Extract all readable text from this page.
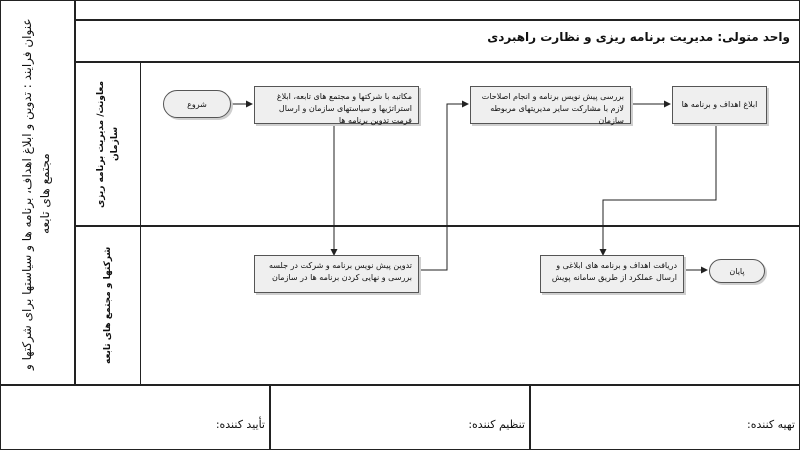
عنوان فرایند : تدوین و ابلاغ اهداف، برنامه ها و سیاستها برای شرکتها و مجتمع های تابعه
واحد متولی: مدیریت برنامه ریزی و نظارت راهبردی
معاونت/ مدیریت برنامه ریزی سازمان
شرکتها و مجتمع های تابعه
شروع
مکاتبه با شرکتها و مجتمع های تابعه، ابلاغ استراتژیها و سیاستهای سازمان و ارسال فرمت تدوین برنامه ها
تدوین پیش نویس برنامه و شرکت در جلسه بررسی و نهایی کردن برنامه ها در سازمان
بررسی پیش نویس برنامه و انجام اصلاحات لازم با مشارکت سایر مدیریتهای مربوطه سازمان
ابلاغ اهداف و برنامه ها
دریافت اهداف و برنامه های ابلاغی و ارسال عملکرد از طریق سامانه پویش
پایان
تأیید کننده:	تنظیم کننده:	تهیه کننده:
